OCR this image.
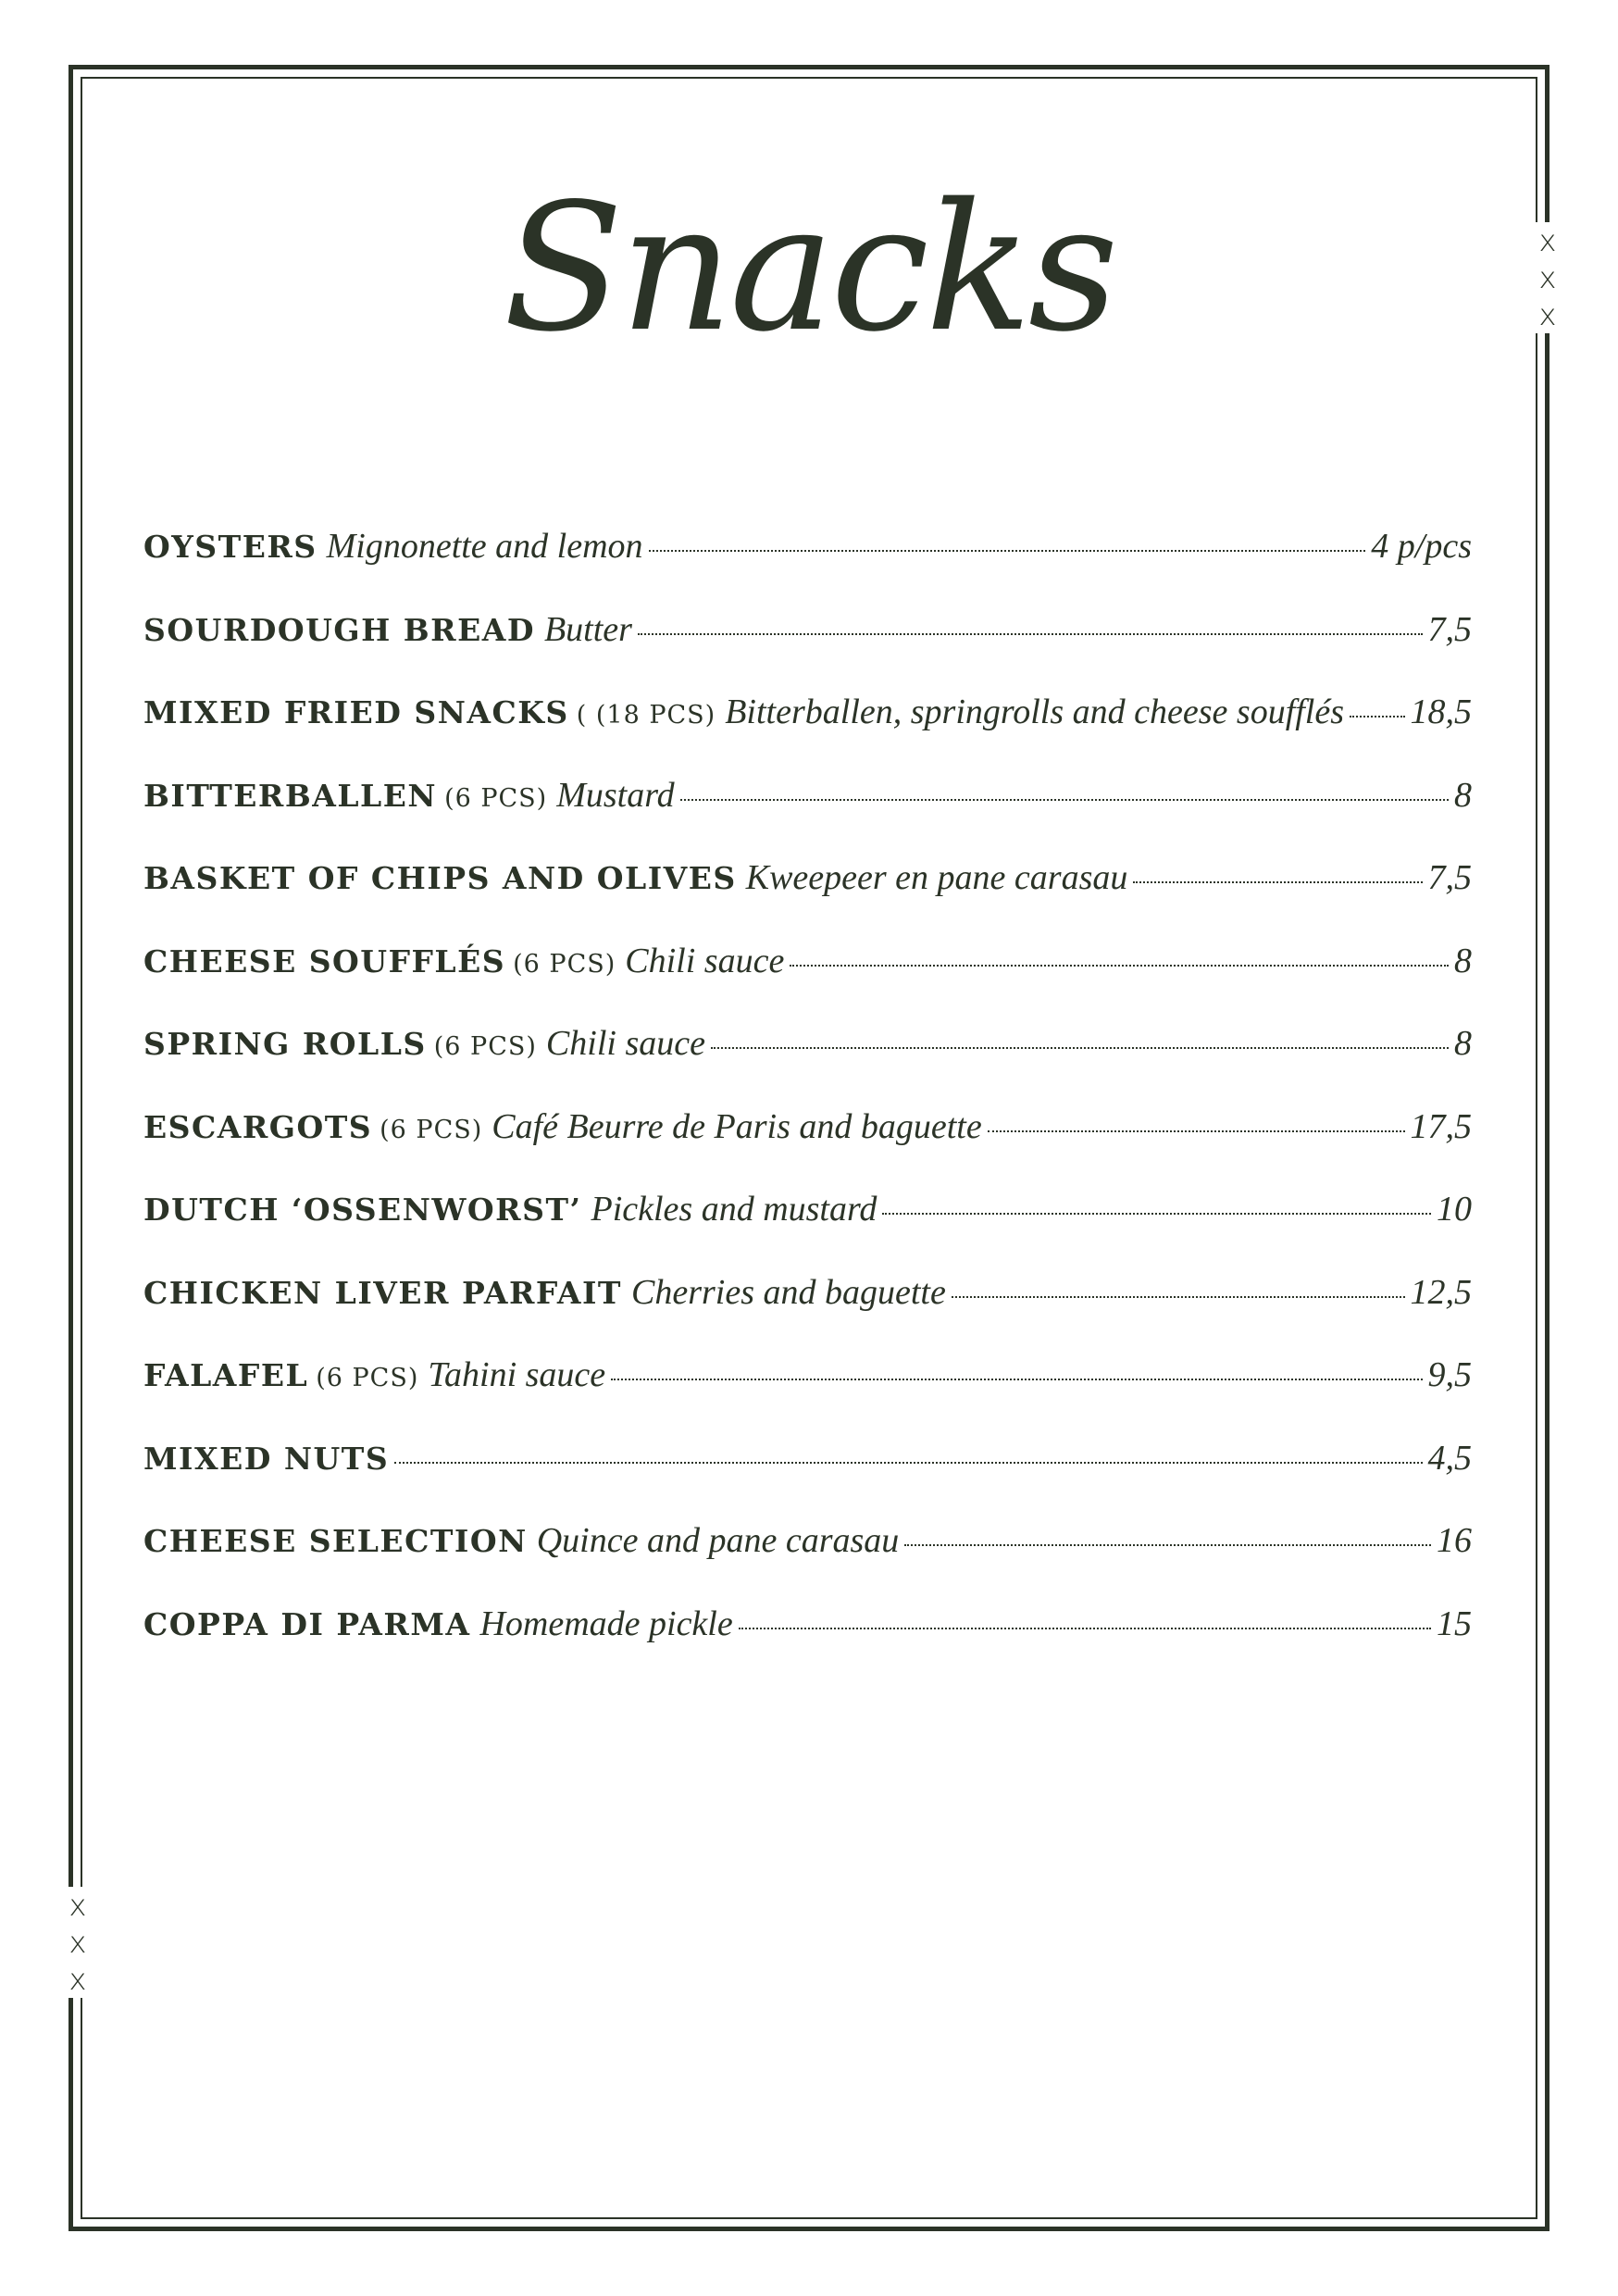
x
x
x
x
x
x
Snacks
OYSTERS Mignonette and lemon	4 p/pcs
SOURDOUGH BREAD Butter	7,5
MIXED FRIED SNACKS ( (18 PCS) Bitterballen, springrolls and cheese soufflés 18,5
BITTERBALLEN (6 PCS) Mustard	8
BASKET OF CHIPS AND OLIVES Kweepeer en pane carasau	7,5
CHEESE SOUFFLÉS (6 PCS) Chili sauce	8
SPRING ROLLS (6 PCS) Chili sauce	8
ESCARGOTS (6 PCS) Café Beurre de Paris and baguette	17,5
DUTCH ‘OSSENWORST’ Pickles and mustard	10
CHICKEN LIVER PARFAIT Cherries and baguette	12,5
FALAFEL (6 PCS) Tahini sauce	9,5
MIXED NUTS	4,5
CHEESE SELECTION Quince and pane carasau	16
COPPA DI PARMA Homemade pickle	15
